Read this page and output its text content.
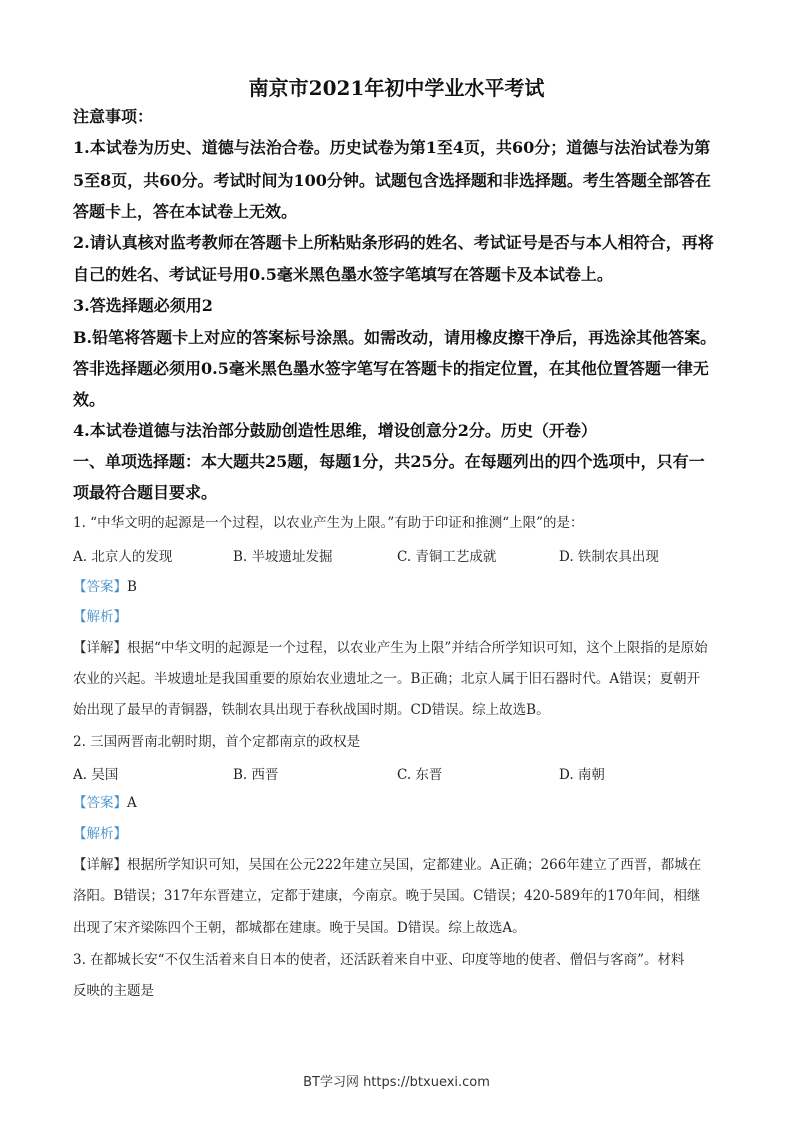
南京市2021年初中学业水平考试
注意事项：
1.本试卷为历史、道德与法治合卷。历史试卷为第1至4页，共60分；道德与法治试卷为第
5至8页，共60分。考试时间为100分钟。试题包含选择题和非选择题。考生答题全部答在
答题卡上，答在本试卷上无效。
2.请认真核对监考教师在答题卡上所粘贴条形码的姓名、考试证号是否与本人相符合，再将
自己的姓名、考试证号用0.5毫米黑色墨水签字笔填写在答题卡及本试卷上。
3.答选择题必须用2
B.铅笔将答题卡上对应的答案标号涂黑。如需改动，请用橡皮擦干净后，再选涂其他答案。
答非选择题必须用0.5毫米黑色墨水签字笔写在答题卡的指定位置，在其他位置答题一律无
效。
4.本试卷道德与法治部分鼓励创造性思维，增设创意分2分。历史（开卷）
一、单项选择题：本大题共25题，每题1分，共25分。在每题列出的四个选项中，只有一
项最符合题目要求。
1. “中华文明的起源是一个过程，以农业产生为上限。”有助于印证和推测“上限”的是：
A. 北京人的发现	B. 半坡遗址发掘	C. 青铜工艺成就	D. 铁制农具出现
【答案】B
【解析】
【详解】根据“中华文明的起源是一个过程，以农业产生为上限”并结合所学知识可知，这个上限指的是原始
农业的兴起。半坡遗址是我国重要的原始农业遗址之一。B正确；北京人属于旧石器时代。A错误；夏朝开
始出现了最早的青铜器，铁制农具出现于春秋战国时期。CD错误。综上故选B。
2. 三国两晋南北朝时期，首个定都南京的政权是
A. 吴国	B. 西晋	C. 东晋	D. 南朝
【答案】A
【解析】
【详解】根据所学知识可知，吴国在公元222年建立吴国，定都建业。A正确；266年建立了西晋，都城在
洛阳。B错误；317年东晋建立，定都于建康，今南京。晚于吴国。C错误；420-589年的170年间，相继
出现了宋齐梁陈四个王朝，都城都在建康。晚于吴国。D错误。综上故选A。
3. 在都城长安“不仅生活着来自日本的使者，还活跃着来自中亚、印度等地的使者、僧侣与客商”。材料
反映的主题是
BT学习网 https://btxuexi.com
